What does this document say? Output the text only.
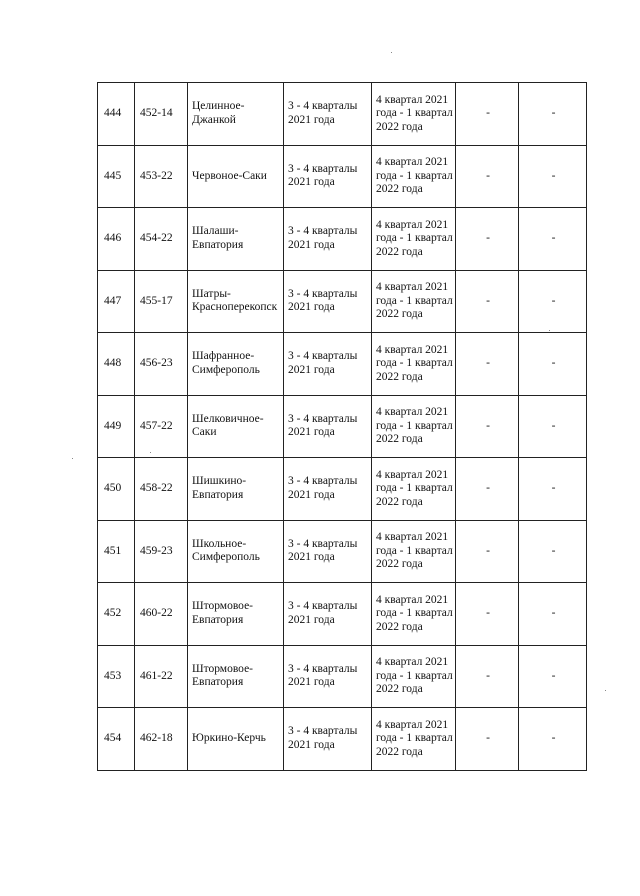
444	452-14	Целинное-Джанкой	3 - 4 кварталы 2021 года	4 квартал 2021 года - 1 квартал 2022 года	-	-
445	453-22	Червоное-Саки	3 - 4 кварталы 2021 года	4 квартал 2021 года - 1 квартал 2022 года	-	-
446	454-22	Шалаши-Евпатория	3 - 4 кварталы 2021 года	4 квартал 2021 года - 1 квартал 2022 года	-	-
447	455-17	Шатры-Красноперекопск	3 - 4 кварталы 2021 года	4 квартал 2021 года - 1 квартал 2022 года	-	-
448	456-23	Шафранное-Симферополь	3 - 4 кварталы 2021 года	4 квартал 2021 года - 1 квартал 2022 года	-	-
449	457-22	Шелковичное-Саки	3 - 4 кварталы 2021 года	4 квартал 2021 года - 1 квартал 2022 года	-	-
450	458-22	Шишкино-Евпатория	3 - 4 кварталы 2021 года	4 квартал 2021 года - 1 квартал 2022 года	-	-
451	459-23	Школьное-Симферополь	3 - 4 кварталы 2021 года	4 квартал 2021 года - 1 квартал 2022 года	-	-
452	460-22	Штормовое-Евпатория	3 - 4 кварталы 2021 года	4 квартал 2021 года - 1 квартал 2022 года	-	-
453	461-22	Штормовое-Евпатория	3 - 4 кварталы 2021 года	4 квартал 2021 года - 1 квартал 2022 года	-	-
454	462-18	Юркино-Керчь	3 - 4 кварталы 2021 года	4 квартал 2021 года - 1 квартал 2022 года	-	-
